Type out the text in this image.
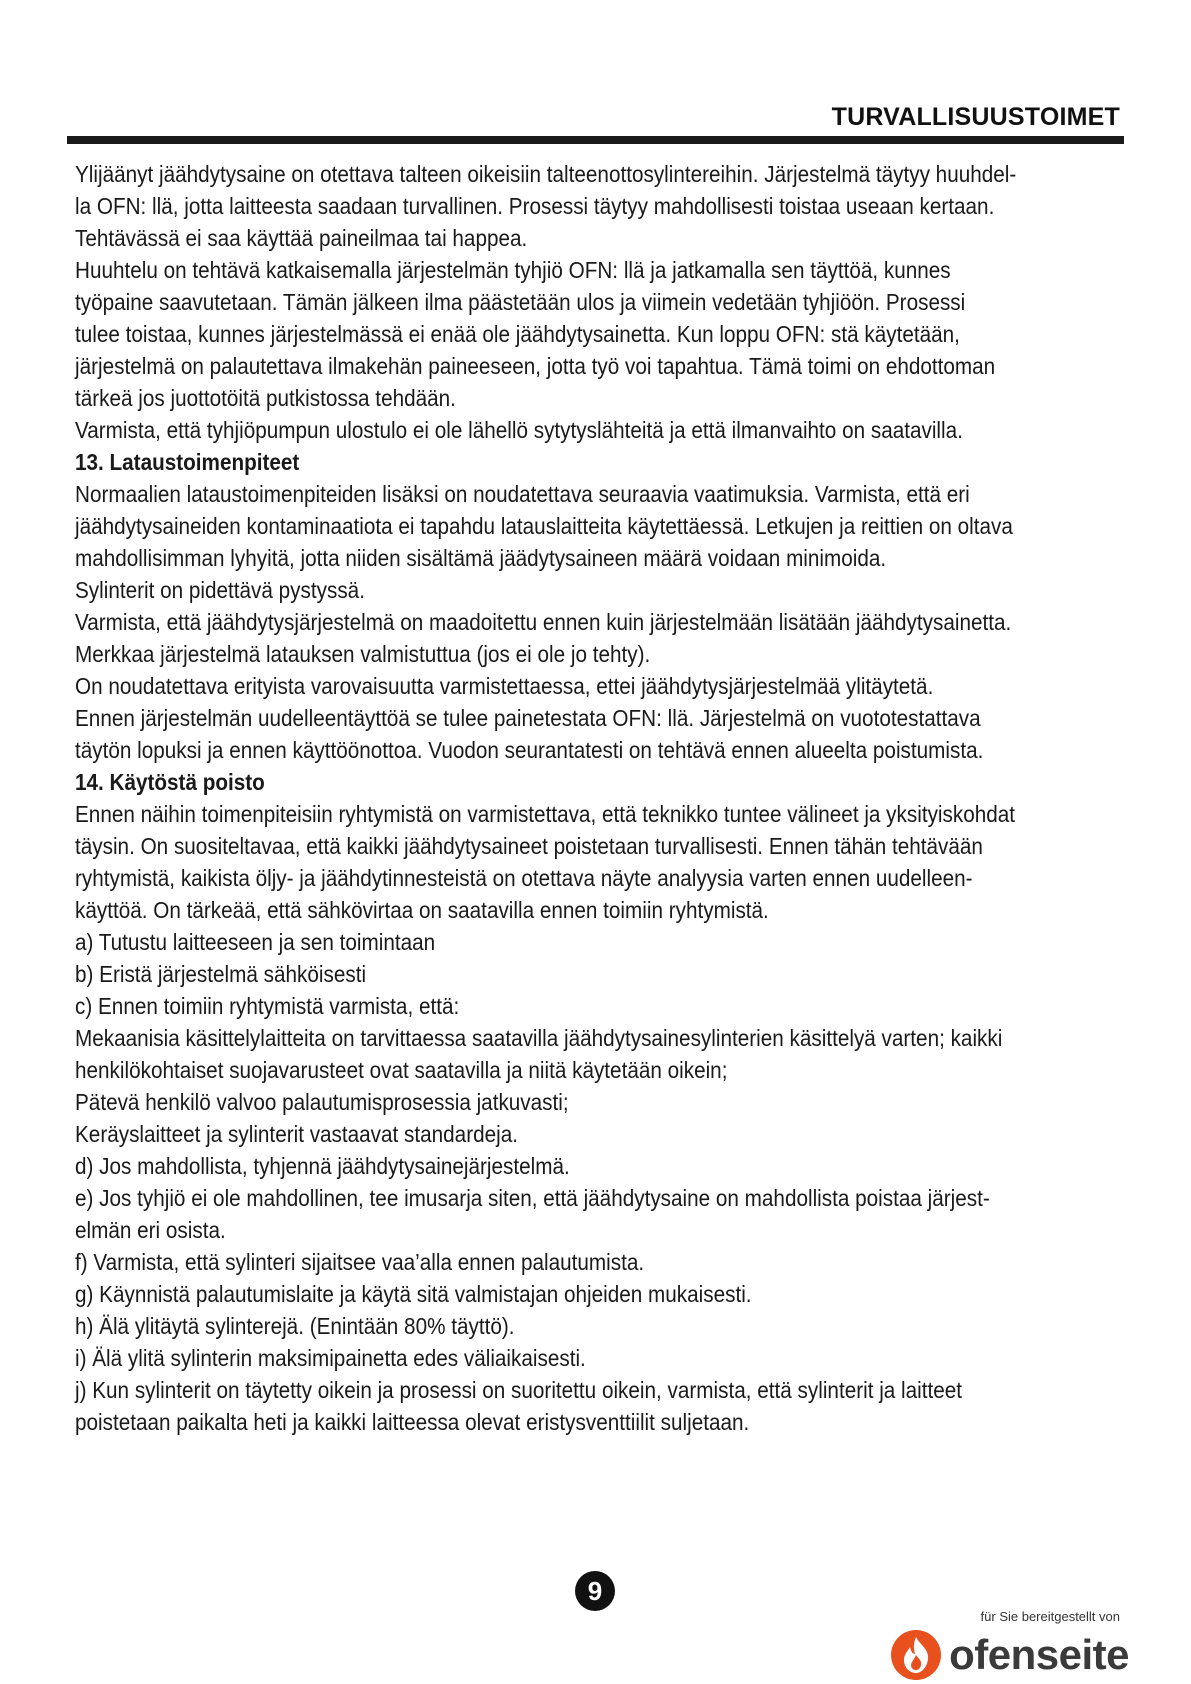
TURVALLISUUSTOIMET

Ylijäänyt jäähdytysaine on otettava talteen oikeisiin talteenottosylintereihin. Järjestelmä täytyy huuhdel-

la OFN: llä, jotta laitteesta saadaan turvallinen. Prosessi täytyy mahdollisesti toistaa useaan kertaan.

Tehtävässä ei saa käyttää paineilmaa tai happea.

Huuhtelu on tehtävä katkaisemalla järjestelmän tyhjiö OFN: llä ja jatkamalla sen täyttöä, kunnes

työpaine saavutetaan. Tämän jälkeen ilma päästetään ulos ja viimein vedetään tyhjiöön. Prosessi

tulee toistaa, kunnes järjestelmässä ei enää ole jäähdytysainetta. Kun loppu OFN: stä käytetään,

järjestelmä on palautettava ilmakehän paineeseen, jotta työ voi tapahtua. Tämä toimi on ehdottoman

tärkeä jos juottotöitä putkistossa tehdään.

Varmista, että tyhjiöpumpun ulostulo ei ole lähellö sytytyslähteitä ja että ilmanvaihto on saatavilla.

13. Lataustoimenpiteet

Normaalien lataustoimenpiteiden lisäksi on noudatettava seuraavia vaatimuksia. Varmista, että eri

jäähdytysaineiden kontaminaatiota ei tapahdu latauslaitteita käytettäessä. Letkujen ja reittien on oltava

mahdollisimman lyhyitä, jotta niiden sisältämä jäädytysaineen määrä voidaan minimoida.

Sylinterit on pidettävä pystyssä.

Varmista, että jäähdytysjärjestelmä on maadoitettu ennen kuin järjestelmään lisätään jäähdytysainetta.

Merkkaa järjestelmä latauksen valmistuttua (jos ei ole jo tehty).

On noudatettava erityista varovaisuutta varmistettaessa, ettei jäähdytysjärjestelmää ylitäytetä.

Ennen järjestelmän uudelleentäyttöä se tulee painetestata OFN: llä. Järjestelmä on vuototestattava

täytön lopuksi ja ennen käyttöönottoa. Vuodon seurantatesti on tehtävä ennen alueelta poistumista.

14. Käytöstä poisto

Ennen näihin toimenpiteisiin ryhtymistä on varmistettava, että teknikko tuntee välineet ja yksityiskohdat

täysin. On suositeltavaa, että kaikki jäähdytysaineet poistetaan turvallisesti. Ennen tähän tehtävään

ryhtymistä, kaikista öljy- ja jäähdytinnesteistä on otettava näyte analyysia varten ennen uudelleen-

käyttöä. On tärkeää, että sähkövirtaa on saatavilla ennen toimiin ryhtymistä.

a) Tutustu laitteeseen ja sen toimintaan

b) Eristä järjestelmä sähköisesti

c) Ennen toimiin ryhtymistä varmista, että:

Mekaanisia käsittelylaitteita on tarvittaessa saatavilla jäähdytysainesylinterien käsittelyä varten; kaikki

henkilökohtaiset suojavarusteet ovat saatavilla ja niitä käytetään oikein;

Pätevä henkilö valvoo palautumisprosessia jatkuvasti;

Keräyslaitteet ja sylinterit vastaavat standardeja.

d) Jos mahdollista, tyhjennä jäähdytysainejärjestelmä.

e) Jos tyhjiö ei ole mahdollinen, tee imusarja siten, että jäähdytysaine on mahdollista poistaa järjest-

elmän eri osista.

f) Varmista, että sylinteri sijaitsee vaa’alla ennen palautumista.

g) Käynnistä palautumislaite ja käytä sitä valmistajan ohjeiden mukaisesti.

h) Älä ylitäytä sylinterejä. (Enintään 80% täyttö).

i) Älä ylitä sylinterin maksimipainetta edes väliaikaisesti.

j) Kun sylinterit on täytetty oikein ja prosessi on suoritettu oikein, varmista, että sylinterit ja laitteet

poistetaan paikalta heti ja kaikki laitteessa olevat eristysventtiilit suljetaan.

9
für Sie bereitgestellt von
ofenseite
